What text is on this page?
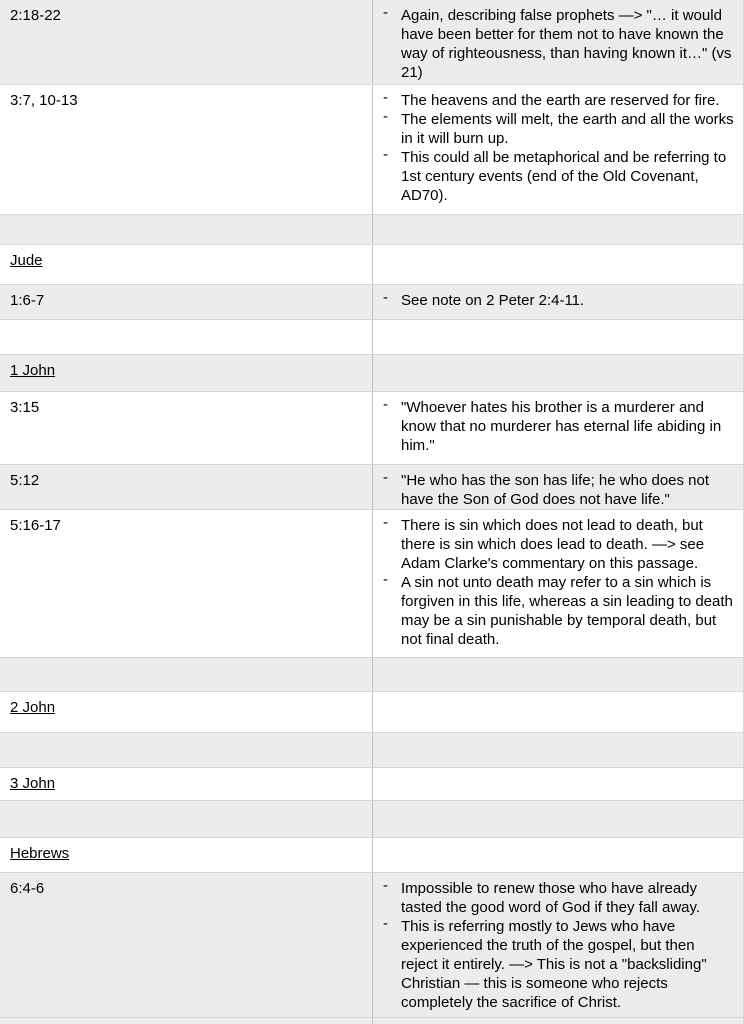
2:18-22	- Again, describing false prophets —> "… it would have been better for them not to have known the way of righteousness, than having known it…" (vs 21)
3:7, 10-13	- The heavens and the earth are reserved for fire.
- The elements will melt, the earth and all the works in it will burn up.
- This could all be metaphorical and be referring to 1st century events (end of the Old Covenant, AD70).
Jude
1:6-7	- See note on 2 Peter 2:4-11.
1 John
3:15	- "Whoever hates his brother is a murderer and know that no murderer has eternal life abiding in him."
5:12	- "He who has the son has life; he who does not have the Son of God does not have life."
5:16-17	- There is sin which does not lead to death, but there is sin which does lead to death. —> see Adam Clarke's commentary on this passage.
- A sin not unto death may refer to a sin which is forgiven in this life, whereas a sin leading to death may be a sin punishable by temporal death, but not final death.
2 John
3 John
Hebrews
6:4-6	- Impossible to renew those who have already tasted the good word of God if they fall away.
- This is referring mostly to Jews who have experienced the truth of the gospel, but then reject it entirely. —> This is not a "backsliding" Christian — this is someone who rejects completely the sacrifice of Christ.
